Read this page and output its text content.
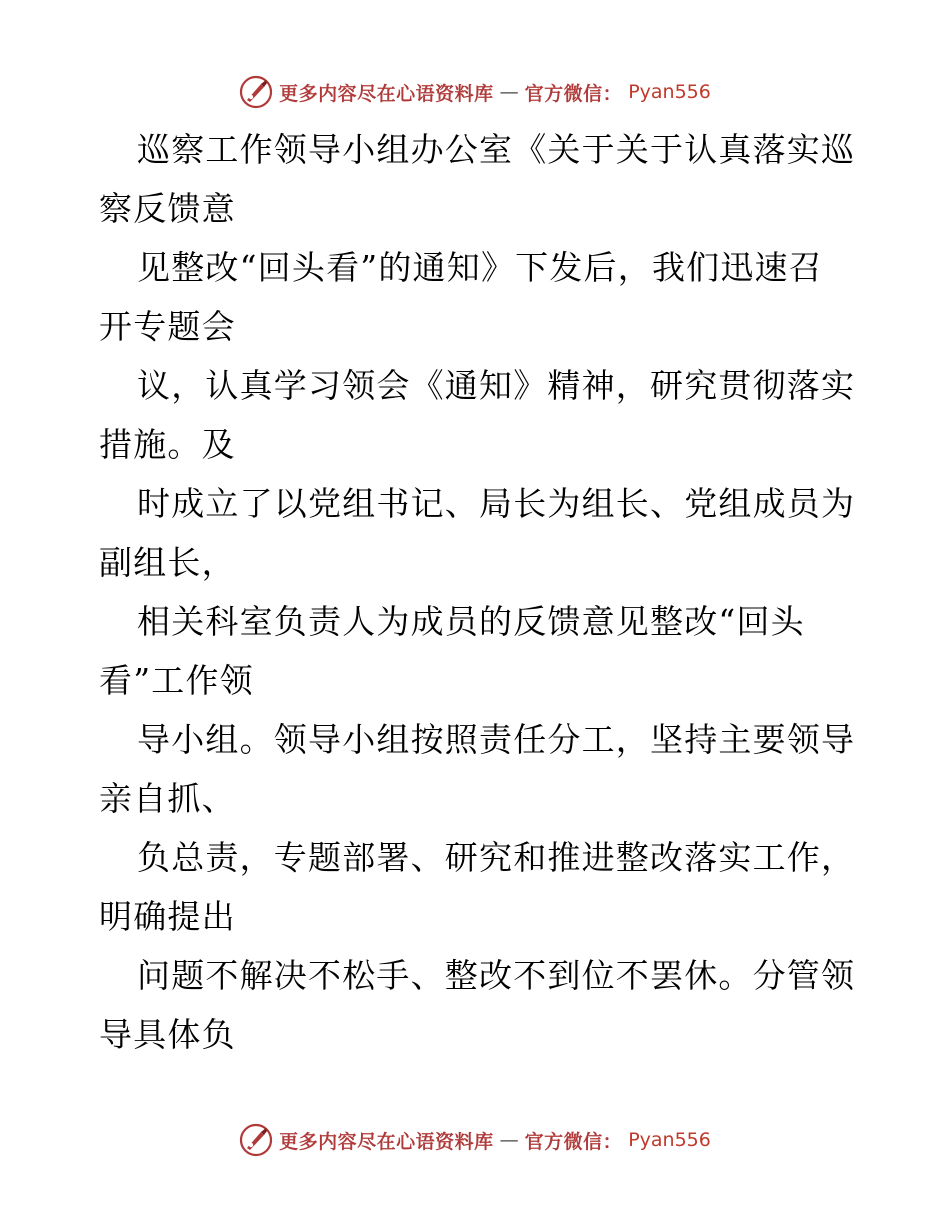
更多内容尽在心语资料库 — 官方微信： Pyan556
巡察工作领导小组办公室《关于关于认真落实巡
察反馈意
见整改“回头看”的通知》下发后，我们迅速召
开专题会
议，认真学习领会《通知》精神，研究贯彻落实
措施。及
时成立了以党组书记、局长为组长、党组成员为
副组长，
相关科室负责人为成员的反馈意见整改“回头
看”工作领
导小组。领导小组按照责任分工，坚持主要领导
亲自抓、
负总责，专题部署、研究和推进整改落实工作，
明确提出
问题不解决不松手、整改不到位不罢休。分管领
导具体负
更多内容尽在心语资料库 — 官方微信： Pyan556
